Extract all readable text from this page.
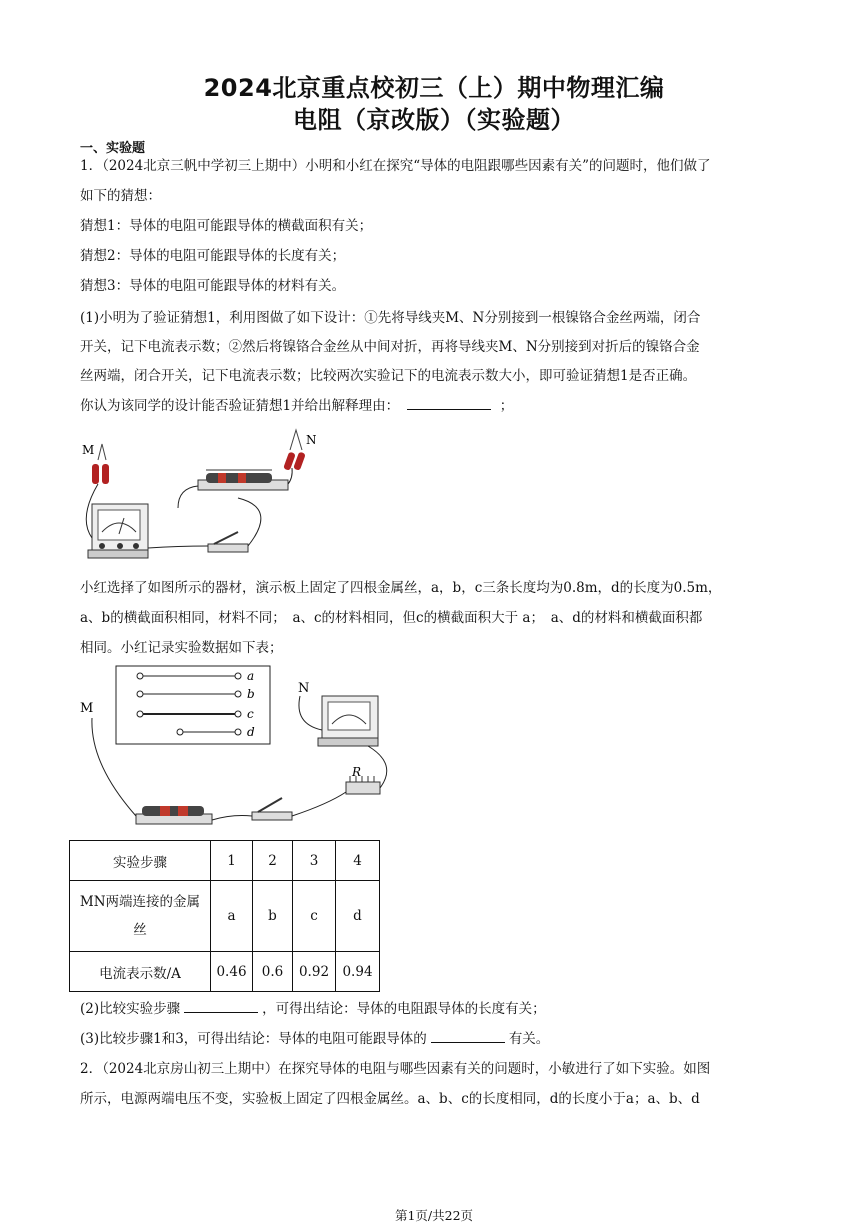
2024北京重点校初三（上）期中物理汇编
电阻（京改版）（实验题）
一、实验题
1．（2024北京三帆中学初三上期中）小明和小红在探究“导体的电阻跟哪些因素有关”的问题时，他们做了
如下的猜想：
猜想1：导体的电阻可能跟导体的横截面积有关；
猜想2：导体的电阻可能跟导体的长度有关；
猜想3：导体的电阻可能跟导体的材料有关。
(1)小明为了验证猜想1，利用图做了如下设计：①先将导线夹M、N分别接到一根镍铬合金丝两端，闭合
开关，记下电流表示数；②然后将镍铬合金丝从中间对折，再将导线夹M、N分别接到对折后的镍铬合金
丝两端，闭合开关，记下电流表示数；比较两次实验记下的电流表示数大小，即可验证猜想1是否正确。
你认为该同学的设计能否验证猜想1并给出解释理由：	；
M
N
小红选择了如图所示的器材，演示板上固定了四根金属丝，a，b，c三条长度均为0.8m，d的长度为0.5m，
a、b的横截面积相同，材料不同；　a、c的材料相同，但c的横截面积大于 a；　a、d的材料和横截面积都
相同。小红记录实验数据如下表；
M
N
R
a
b
c
d
实验步骤	1	2	3	4
MN两端连接的金属丝	a	b	c	d
电流表示数/A	0.46	0.6	0.92	0.94
(2)比较实验步骤	，可得出结论：导体的电阻跟导体的长度有关；
(3)比较步骤1和3，可得出结论：导体的电阻可能跟导体的	有关。
2．（2024北京房山初三上期中）在探究导体的电阻与哪些因素有关的问题时，小敏进行了如下实验。如图
所示，电源两端电压不变，实验板上固定了四根金属丝。a、b、c的长度相同，d的长度小于a；a、b、d
第1页/共22页
